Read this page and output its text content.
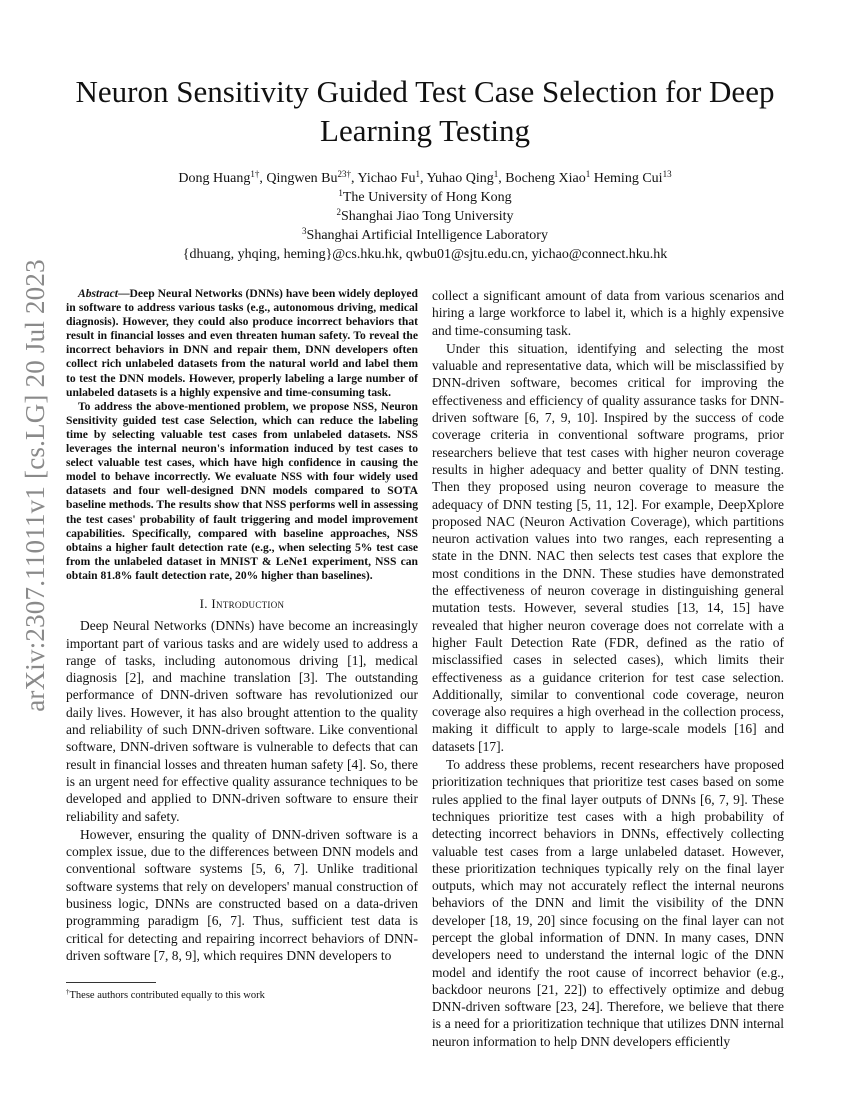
arXiv:2307.11011v1 [cs.LG] 20 Jul 2023
Neuron Sensitivity Guided Test Case Selection for Deep Learning Testing
Dong Huang$^{1\dagger}$, Qingwen $Bu^{23\dagger}$, Yichao Fu$^1$, Yuhao Qing$^1$, Bocheng Xiao$^1$ Heming Cui$^{13}$
$^1$The University of Hong Kong
$^2$Shanghai Jiao Tong University
$^3$Shanghai Artificial Intelligence Laboratory
{dhuang, yhqing, heming}@cs.hku.hk, qwbu01@sjtu.edu.cn, yichao@connect.hku.hk

Abstract—Deep Neural Networks (DNNs) have been widely deployed in software to address various tasks (e.g., autonomous driving, medical diagnosis). However, they could also produce incorrect behaviors that result in financial losses and even threaten human safety. To reveal the incorrect behaviors in DNN and repair them, DNN developers often collect rich unlabeled datasets from the natural world and label them to test the DNN models. However, properly labeling a large number of unlabeled datasets is a highly expensive and time-consuming task.

To address the above-mentioned problem, we propose NSS, Neuron Sensitivity guided test case Selection, which can reduce the labeling time by selecting valuable test cases from unlabeled datasets. NSS leverages the internal neuron's information induced by test cases to select valuable test cases, which have high confidence in causing the model to behave incorrectly. We evaluate NSS with four widely used datasets and four well-designed DNN models compared to SOTA baseline methods. The results show that NSS performs well in assessing the test cases' probability of fault triggering and model improvement capabilities. Specifically, compared with baseline approaches, NSS obtains a higher fault detection rate (e.g., when selecting 5% test case from the unlabeled dataset in MNIST & LeNe1 experiment, NSS can obtain 81.8% fault detection rate, 20% higher than baselines).

I. Introduction

Deep Neural Networks (DNNs) have become an increasingly important part of various tasks and are widely used to address a range of tasks, including autonomous driving [1], medical diagnosis [2], and machine translation [3]. The outstanding performance of DNN-driven software has revolutionized our daily lives. However, it has also brought attention to the quality and reliability of such DNN-driven software. Like conventional software, DNN-driven software is vulnerable to defects that can result in financial losses and threaten human safety [4]. So, there is an urgent need for effective quality assurance techniques to be developed and applied to DNN-driven software to ensure their reliability and safety.

However, ensuring the quality of DNN-driven software is a complex issue, due to the differences between DNN models and conventional software systems [5, 6, 7]. Unlike traditional software systems that rely on developers' manual construction of business logic, DNNs are constructed based on a data-driven programming paradigm [6, 7]. Thus, sufficient test data is critical for detecting and repairing incorrect behaviors of DNN-driven software [7, 8, 9], which requires DNN developers to

collect a significant amount of data from various scenarios and hiring a large workforce to label it, which is a highly expensive and time-consuming task.

Under this situation, identifying and selecting the most valuable and representative data, which will be misclassified by DNN-driven software, becomes critical for improving the effectiveness and efficiency of quality assurance tasks for DNN-driven software [6, 7, 9, 10]. Inspired by the success of code coverage criteria in conventional software programs, prior researchers believe that test cases with higher neuron coverage results in higher adequacy and better quality of DNN testing. Then they proposed using neuron coverage to measure the adequacy of DNN testing [5, 11, 12]. For example, DeepXplore proposed NAC (Neuron Activation Coverage), which partitions neuron activation values into two ranges, each representing a state in the DNN. NAC then selects test cases that explore the most conditions in the DNN. These studies have demonstrated the effectiveness of neuron coverage in distinguishing general mutation tests. However, several studies [13, 14, 15] have revealed that higher neuron coverage does not correlate with a higher Fault Detection Rate (FDR, defined as the ratio of misclassified cases in selected cases), which limits their effectiveness as a guidance criterion for test case selection. Additionally, similar to conventional code coverage, neuron coverage also requires a high overhead in the collection process, making it difficult to apply to large-scale models [16] and datasets [17].

To address these problems, recent researchers have proposed prioritization techniques that prioritize test cases based on some rules applied to the final layer outputs of DNNs [6, 7, 9]. These techniques prioritize test cases with a high probability of detecting incorrect behaviors in DNNs, effectively collecting valuable test cases from a large unlabeled dataset. However, these prioritization techniques typically rely on the final layer outputs, which may not accurately reflect the internal neurons behaviors of the DNN and limit the visibility of the DNN developer [18, 19, 20] since focusing on the final layer can not percept the global information of DNN. In many cases, DNN developers need to understand the internal logic of the DNN model and identify the root cause of incorrect behavior (e.g., backdoor neurons [21, 22]) to effectively optimize and debug DNN-driven software [23, 24]. Therefore, we believe that there is a need for a prioritization technique that utilizes DNN internal neuron information to help DNN developers efficiently

†These authors contributed equally to this work
